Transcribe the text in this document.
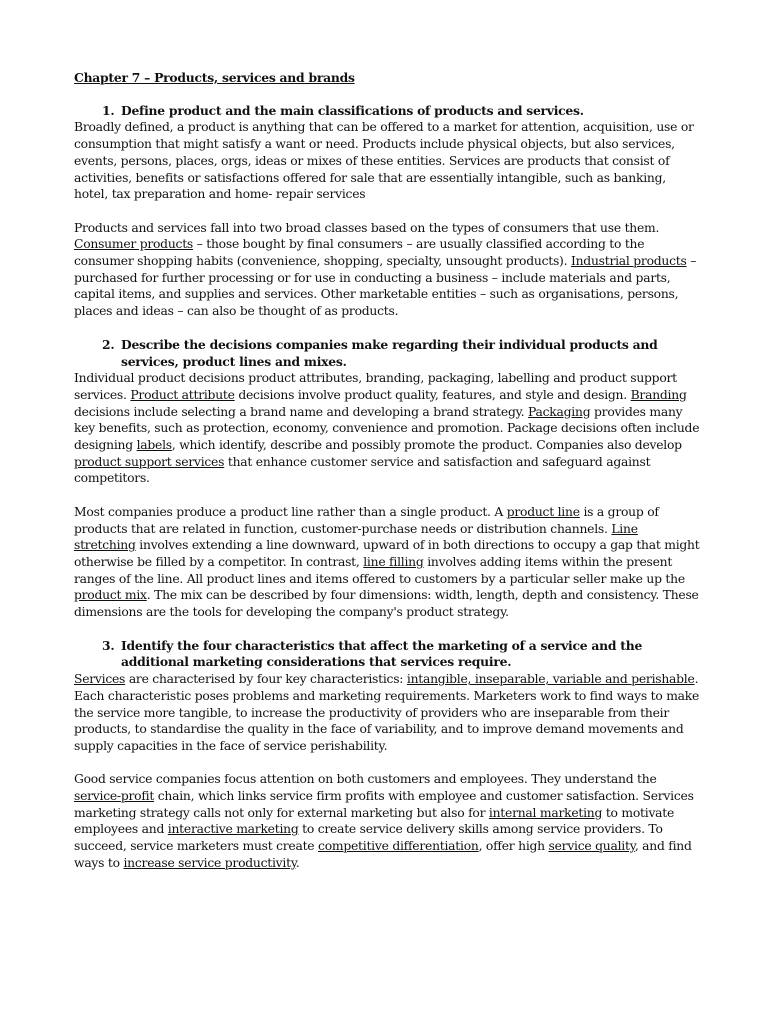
Chapter 7 – Products, services and brands

1. Define product and the main classifications of products and services.

Broadly defined, a product is anything that can be offered to a market for attention, acquisition, use or consumption that might satisfy a want or need. Products include physical objects, but also services, events, persons, places, orgs, ideas or mixes of these entities. Services are products that consist of activities, benefits or satisfactions offered for sale that are essentially intangible, such as banking, hotel, tax preparation and home- repair services

Products and services fall into two broad classes based on the types of consumers that use them. Consumer products – those bought by final consumers – are usually classified according to the consumer shopping habits (convenience, shopping, specialty, unsought products). Industrial products – purchased for further processing or for use in conducting a business – include materials and parts, capital items, and supplies and services. Other marketable entities – such as organisations, persons, places and ideas – can also be thought of as products.

2. Describe the decisions companies make regarding their individual products and services, product lines and mixes.

Individual product decisions product attributes, branding, packaging, labelling and product support services. Product attribute decisions involve product quality, features, and style and design. Branding decisions include selecting a brand name and developing a brand strategy. Packaging provides many key benefits, such as protection, economy, convenience and promotion. Package decisions often include designing labels, which identify, describe and possibly promote the product. Companies also develop product support services that enhance customer service and satisfaction and safeguard against competitors.

Most companies produce a product line rather than a single product. A product line is a group of products that are related in function, customer-purchase needs or distribution channels. Line stretching involves extending a line downward, upward of in both directions to occupy a gap that might otherwise be filled by a competitor. In contrast, line filling involves adding items within the present ranges of the line. All product lines and items offered to customers by a particular seller make up the product mix. The mix can be described by four dimensions: width, length, depth and consistency. These dimensions are the tools for developing the company's product strategy.

3. Identify the four characteristics that affect the marketing of a service and the additional marketing considerations that services require.

Services are characterised by four key characteristics: intangible, inseparable, variable and perishable. Each characteristic poses problems and marketing requirements. Marketers work to find ways to make the service more tangible, to increase the productivity of providers who are inseparable from their products, to standardise the quality in the face of variability, and to improve demand movements and supply capacities in the face of service perishability.

Good service companies focus attention on both customers and employees. They understand the service-profit chain, which links service firm profits with employee and customer satisfaction. Services marketing strategy calls not only for external marketing but also for internal marketing to motivate employees and interactive marketing to create service delivery skills among service providers. To succeed, service marketers must create competitive differentiation, offer high service quality, and find ways to increase service productivity.
